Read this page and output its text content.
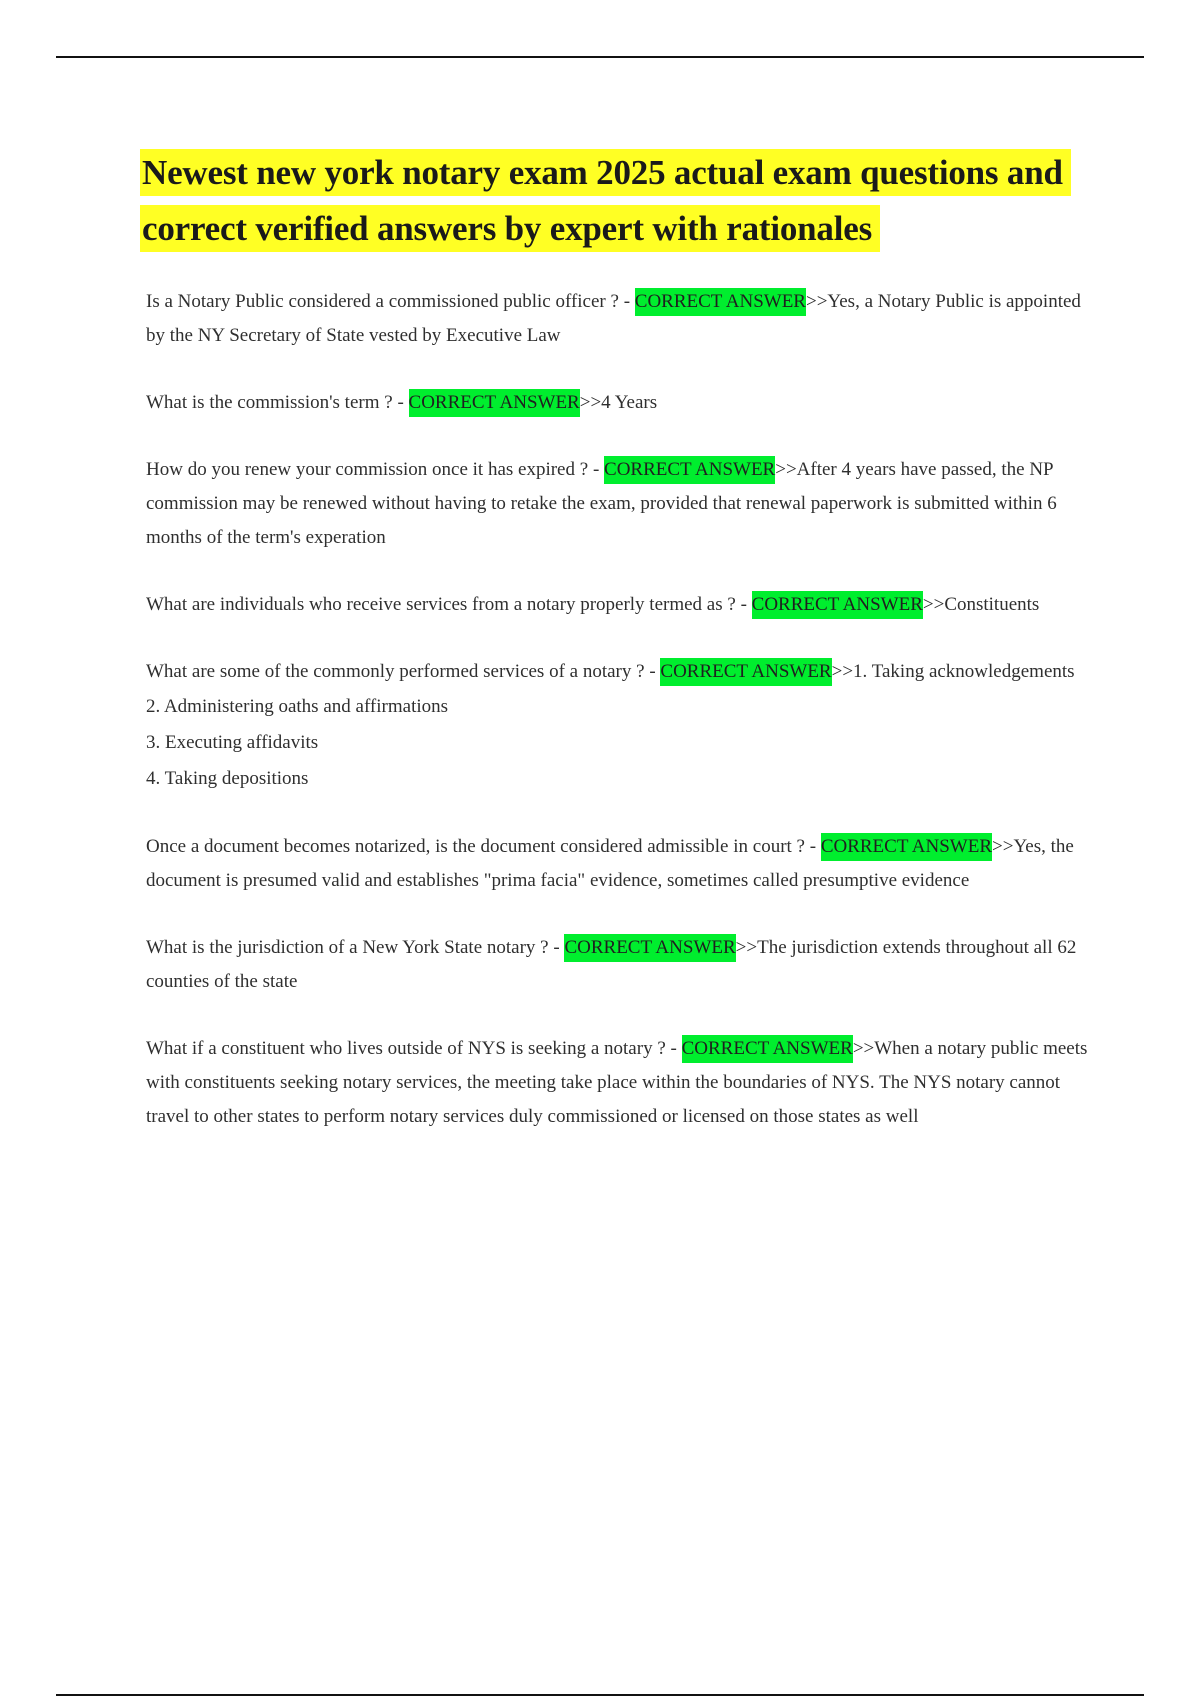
Newest new york notary exam 2025 actual exam questions and correct verified answers by expert with rationales

Is a Notary Public considered a commissioned public officer ? - CORRECT ANSWER>>Yes, a Notary Public is appointed by the NY Secretary of State vested by Executive Law

What is the commission's term ? - CORRECT ANSWER>>4 Years

How do you renew your commission once it has expired ? - CORRECT ANSWER>>After 4 years have passed, the NP commission may be renewed without having to retake the exam, provided that renewal paperwork is submitted within 6 months of the term's experation

What are individuals who receive services from a notary properly termed as ? - CORRECT ANSWER>>Constituents

What are some of the commonly performed services of a notary ? - CORRECT ANSWER>>1. Taking acknowledgements
2. Administering oaths and affirmations
3. Executing affidavits
4. Taking depositions

Once a document becomes notarized, is the document considered admissible in court ? - CORRECT ANSWER>>Yes, the document is presumed valid and establishes "prima facia" evidence, sometimes called presumptive evidence

What is the jurisdiction of a New York State notary ? - CORRECT ANSWER>>The jurisdiction extends throughout all 62 counties of the state

What if a constituent who lives outside of NYS is seeking a notary ? - CORRECT ANSWER>>When a notary public meets with constituents seeking notary services, the meeting take place within the boundaries of NYS. The NYS notary cannot travel to other states to perform notary services duly commissioned or licensed on those states as well
